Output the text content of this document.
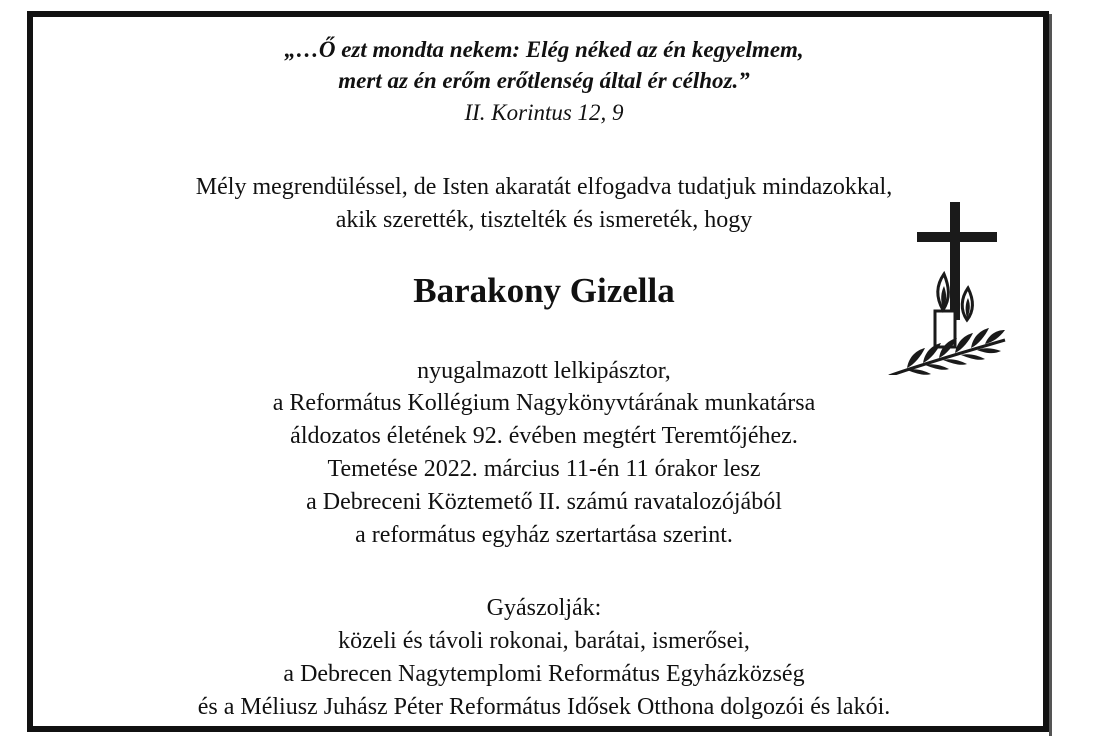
„…Ő ezt mondta nekem: Elég néked az én kegyelmem,

mert az én erőm erőtlenség által ér célhoz.”

II. Korintus 12, 9

Mély megrendüléssel, de Isten akaratát elfogadva tudatjuk mindazokkal,

akik szerették, tisztelték és ismereték, hogy

Barakony Gizella

nyugalmazott lelkipásztor,

a Református Kollégium Nagykönyvtárának munkatársa

áldozatos életének 92. évében megtért Teremtőjéhez.

Temetése 2022. március 11-én 11 órakor lesz

a Debreceni Köztemető II. számú ravatalozójából

a református egyház szertartása szerint.

Gyászolják:

közeli és távoli rokonai, barátai, ismerősei,

a Debrecen Nagytemplomi Református Egyházközség

és a Méliusz Juhász Péter Református Idősek Otthona dolgozói és lakói.
